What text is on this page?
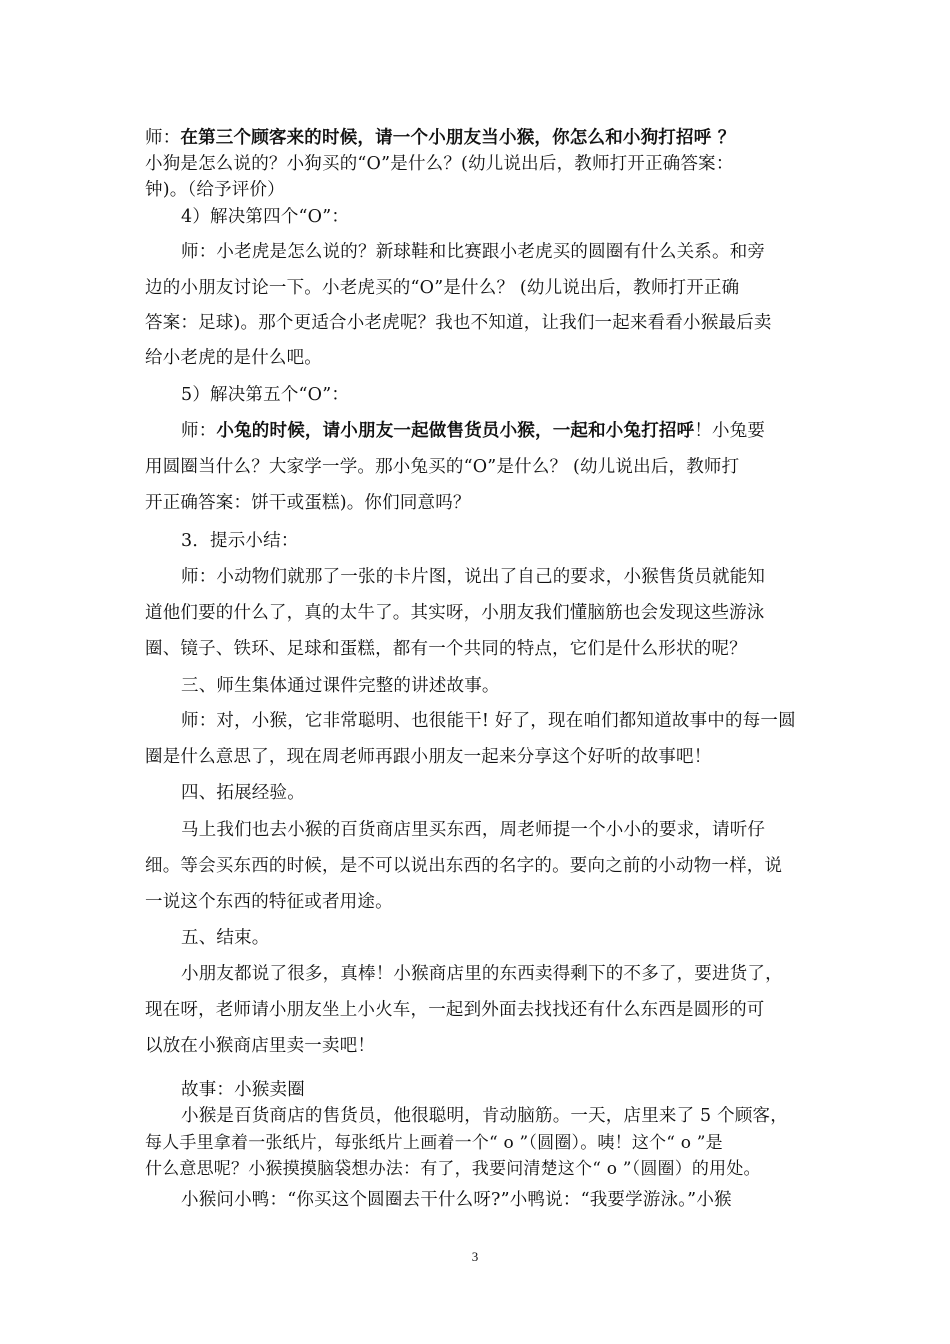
师：在第三个顾客来的时候，请一个小朋友当小猴，你怎么和小狗打招呼 ？
小狗是怎么说的？小狗买的“O”是什么？(幼儿说出后，教师打开正确答案：
钟)。（给予评价）
4）解决第四个“O”：
师：小老虎是怎么说的？新球鞋和比赛跟小老虎买的圆圈有什么关系。和旁
边的小朋友讨论一下。小老虎买的“O”是什么？ (幼儿说出后，教师打开正确
答案：足球)。那个更适合小老虎呢？我也不知道，让我们一起来看看小猴最后卖
给小老虎的是什么吧。
5）解决第五个“O”：
师：小兔的时候，请小朋友一起做售货员小猴，一起和小兔打招呼！小兔要
用圆圈当什么？大家学一学。那小兔买的“O”是什么？ (幼儿说出后，教师打
开正确答案：饼干或蛋糕)。你们同意吗？
3．提示小结：
师：小动物们就那了一张的卡片图，说出了自己的要求，小猴售货员就能知
道他们要的什么了，真的太牛了。其实呀，小朋友我们懂脑筋也会发现这些游泳
圈、镜子、铁环、足球和蛋糕，都有一个共同的特点，它们是什么形状的呢？
三、师生集体通过课件完整的讲述故事。
师：对，小猴，它非常聪明、也很能干! 好了，现在咱们都知道故事中的每一圆
圈是什么意思了，现在周老师再跟小朋友一起来分享这个好听的故事吧！
四、拓展经验。
马上我们也去小猴的百货商店里买东西，周老师提一个小小的要求，请听仔
细。等会买东西的时候，是不可以说出东西的名字的。要向之前的小动物一样，说
一说这个东西的特征或者用途。
五、结束。
小朋友都说了很多，真棒！小猴商店里的东西卖得剩下的不多了，要进货了，
现在呀，老师请小朋友坐上小火车，一起到外面去找找还有什么东西是圆形的可
以放在小猴商店里卖一卖吧！
故事：小猴卖圈
小猴是百货商店的售货员，他很聪明，肯动脑筋。一天，店里来了 5 个顾客，
每人手里拿着一张纸片，每张纸片上画着一个“ o ”（圆圈）。咦！这个“ o ”是
什么意思呢？小猴摸摸脑袋想办法：有了，我要问清楚这个“ o ”（圆圈）的用处。
小猴问小鸭：“你买这个圆圈去干什么呀?”小鸭说：“我要学游泳。”小猴
3
